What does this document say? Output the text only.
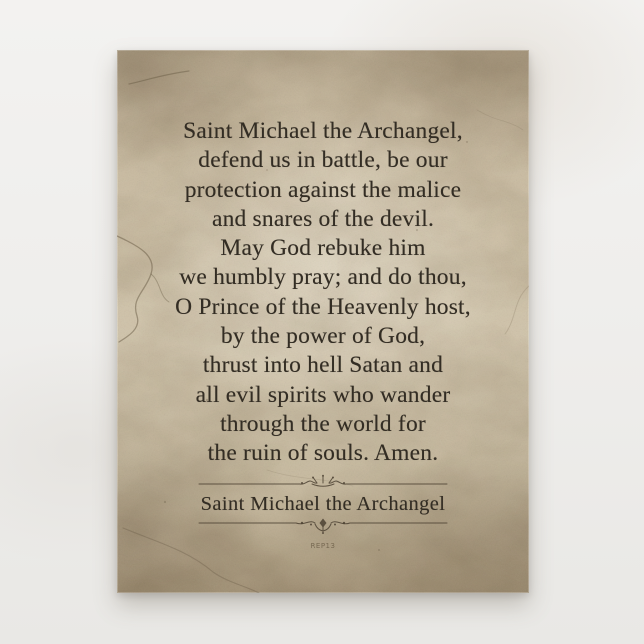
Saint Michael the Archangel,
defend us in battle, be our
protection against the malice
and snares of the devil.
May God rebuke him
we humbly pray; and do thou,
O Prince of the Heavenly host,
by the power of God,
thrust into hell Satan and
all evil spirits who wander
through the world for
the ruin of souls. Amen.
Saint Michael the Archangel
REP13
